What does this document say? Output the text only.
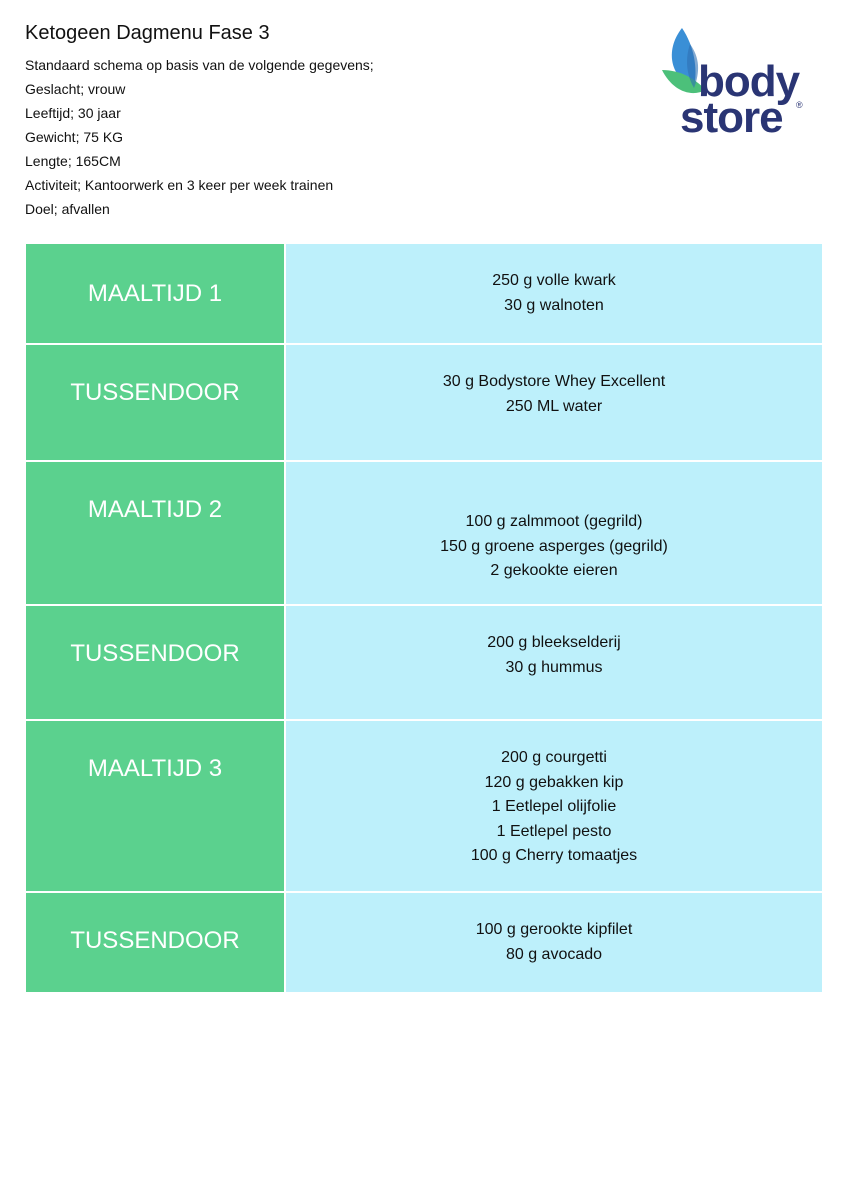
Ketogeen Dagmenu Fase 3
Standaard schema op basis van de volgende gegevens;
Geslacht; vrouw
Leeftijd; 30 jaar
Gewicht; 75 KG
Lengte; 165CM
Activiteit; Kantoorwerk en 3 keer per week trainen
Doel; afvallen
body
store ®
MAALTIJD 1	250 g volle kwark
30 g walnoten

TUSSENDOOR	30 g Bodystore Whey Excellent
250 ML water

MAALTIJD 2	100 g zalmmoot (gegrild)
150 g groene asperges (gegrild)
2 gekookte eieren

TUSSENDOOR	200 g bleekselderij
30 g hummus

MAALTIJD 3	200 g courgetti
120 g gebakken kip
1 Eetlepel olijfolie
1 Eetlepel pesto
100 g Cherry tomaatjes

TUSSENDOOR	100 g gerookte kipfilet
80 g avocado
